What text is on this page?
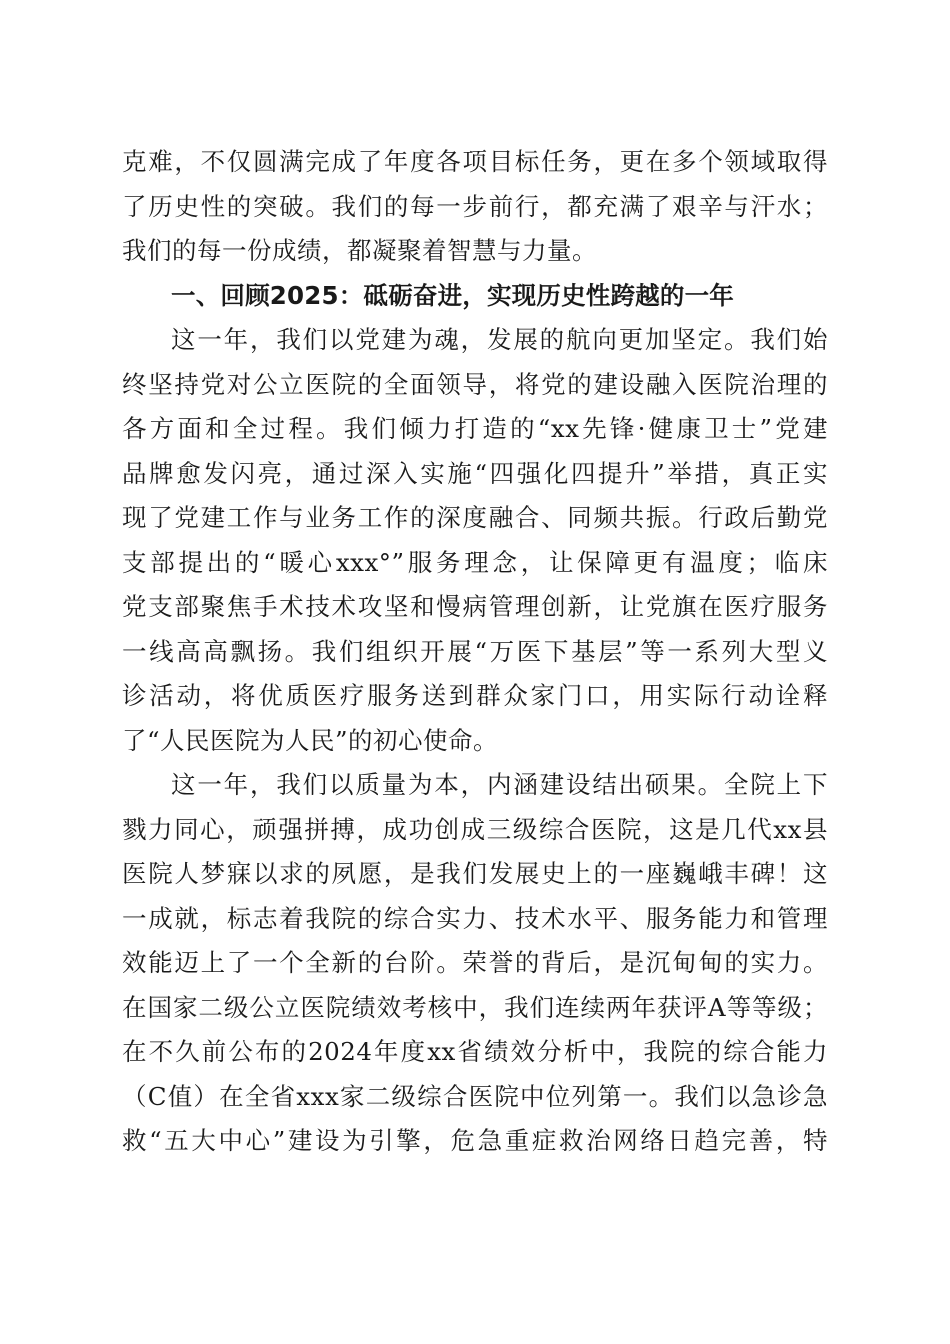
克难，不仅圆满完成了年度各项目标任务，更在多个领域取得
了历史性的突破。我们的每一步前行，都充满了艰辛与汗水；
我们的每一份成绩，都凝聚着智慧与力量。
一、回顾2025：砥砺奋进，实现历史性跨越的一年
这一年，我们以党建为魂，发展的航向更加坚定。我们始
终坚持党对公立医院的全面领导，将党的建设融入医院治理的
各方面和全过程。我们倾力打造的“xx先锋·健康卫士”党建
品牌愈发闪亮，通过深入实施“四强化四提升”举措，真正实
现了党建工作与业务工作的深度融合、同频共振。行政后勤党
支部提出的“暖心xxx°”服务理念，让保障更有温度；临床
党支部聚焦手术技术攻坚和慢病管理创新，让党旗在医疗服务
一线高高飘扬。我们组织开展“万医下基层”等一系列大型义
诊活动，将优质医疗服务送到群众家门口，用实际行动诠释
了“人民医院为人民”的初心使命。
这一年，我们以质量为本，内涵建设结出硕果。全院上下
戮力同心，顽强拼搏，成功创成三级综合医院，这是几代xx县
医院人梦寐以求的夙愿，是我们发展史上的一座巍峨丰碑！这
一成就，标志着我院的综合实力、技术水平、服务能力和管理
效能迈上了一个全新的台阶。荣誉的背后，是沉甸甸的实力。
在国家二级公立医院绩效考核中，我们连续两年获评A等等级；
在不久前公布的2024年度xx省绩效分析中，我院的综合能力
（C值）在全省xxx家二级综合医院中位列第一。我们以急诊急
救“五大中心”建设为引擎，危急重症救治网络日趋完善，特
